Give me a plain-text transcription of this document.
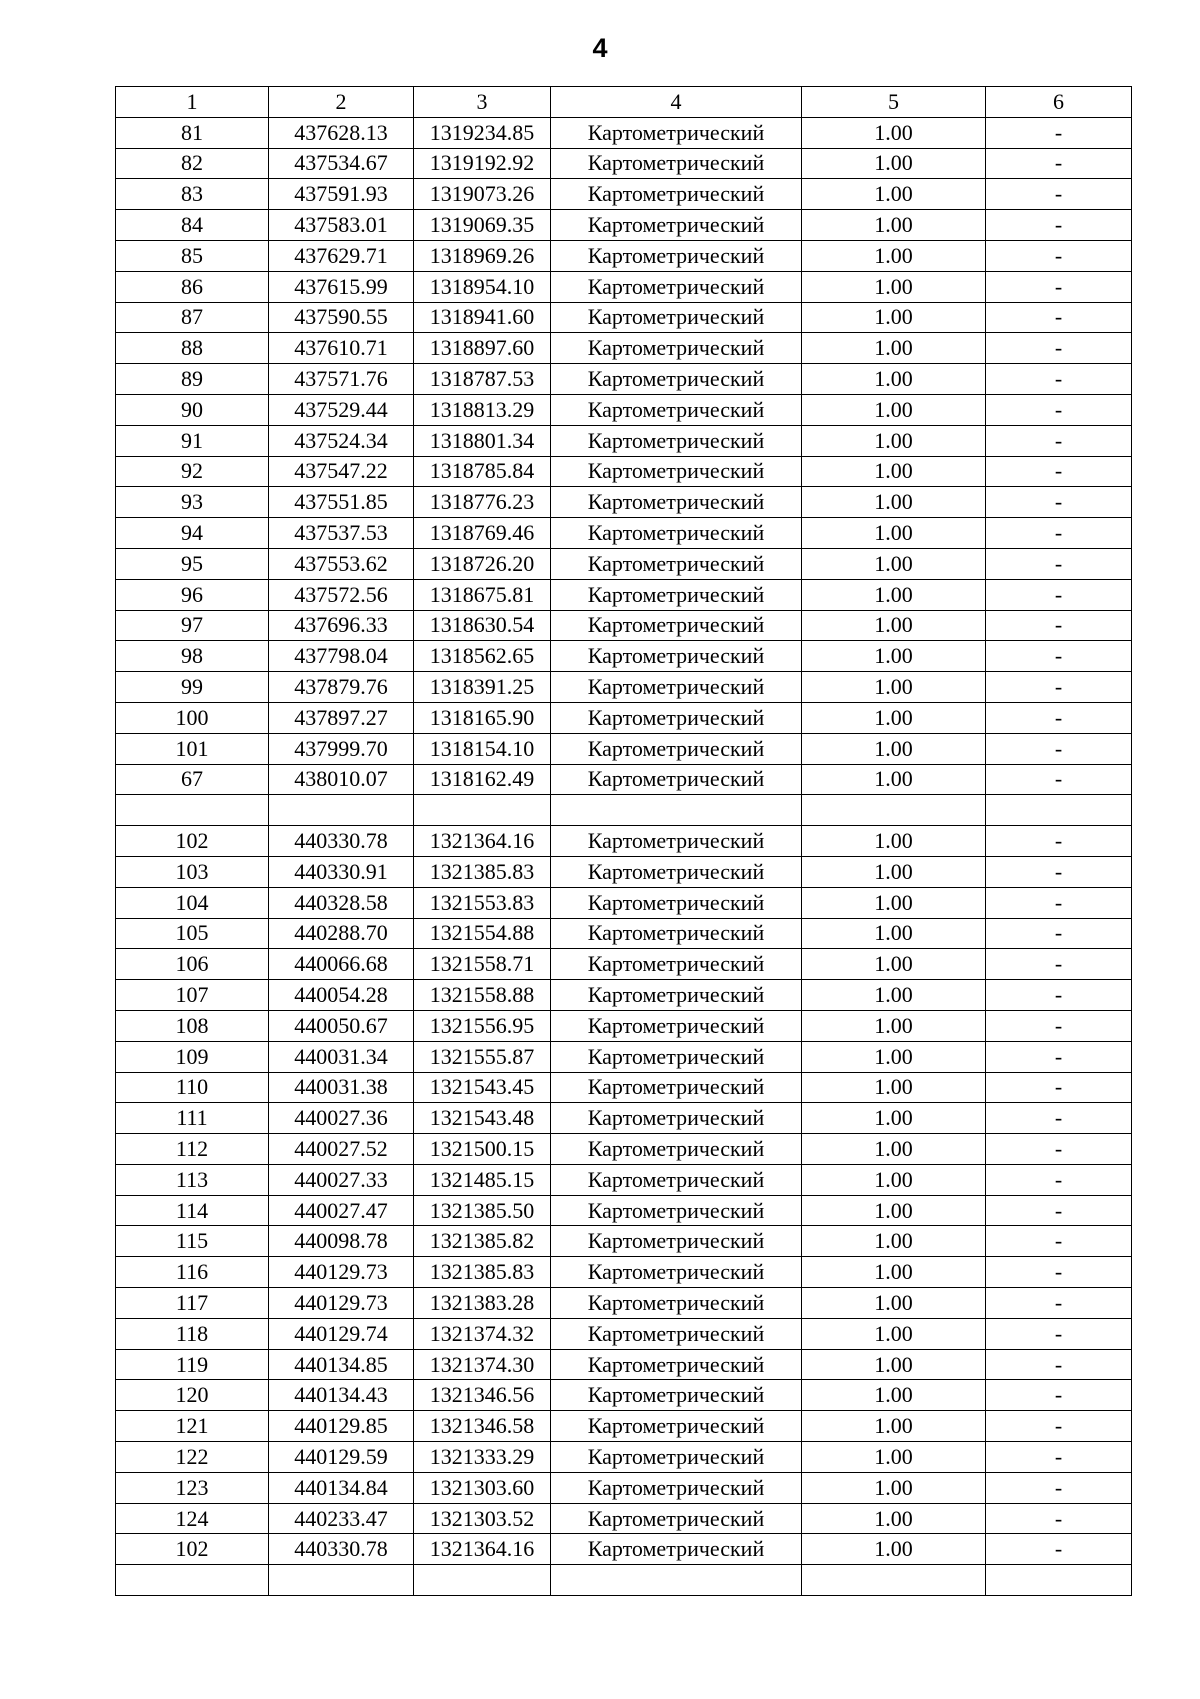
4
1	2	3	4	5	6
81	437628.13	1319234.85	Картометрический	1.00	-
82	437534.67	1319192.92	Картометрический	1.00	-
83	437591.93	1319073.26	Картометрический	1.00	-
84	437583.01	1319069.35	Картометрический	1.00	-
85	437629.71	1318969.26	Картометрический	1.00	-
86	437615.99	1318954.10	Картометрический	1.00	-
87	437590.55	1318941.60	Картометрический	1.00	-
88	437610.71	1318897.60	Картометрический	1.00	-
89	437571.76	1318787.53	Картометрический	1.00	-
90	437529.44	1318813.29	Картометрический	1.00	-
91	437524.34	1318801.34	Картометрический	1.00	-
92	437547.22	1318785.84	Картометрический	1.00	-
93	437551.85	1318776.23	Картометрический	1.00	-
94	437537.53	1318769.46	Картометрический	1.00	-
95	437553.62	1318726.20	Картометрический	1.00	-
96	437572.56	1318675.81	Картометрический	1.00	-
97	437696.33	1318630.54	Картометрический	1.00	-
98	437798.04	1318562.65	Картометрический	1.00	-
99	437879.76	1318391.25	Картометрический	1.00	-
100	437897.27	1318165.90	Картометрический	1.00	-
101	437999.70	1318154.10	Картометрический	1.00	-
67	438010.07	1318162.49	Картометрический	1.00	-

102	440330.78	1321364.16	Картометрический	1.00	-
103	440330.91	1321385.83	Картометрический	1.00	-
104	440328.58	1321553.83	Картометрический	1.00	-
105	440288.70	1321554.88	Картометрический	1.00	-
106	440066.68	1321558.71	Картометрический	1.00	-
107	440054.28	1321558.88	Картометрический	1.00	-
108	440050.67	1321556.95	Картометрический	1.00	-
109	440031.34	1321555.87	Картометрический	1.00	-
110	440031.38	1321543.45	Картометрический	1.00	-
111	440027.36	1321543.48	Картометрический	1.00	-
112	440027.52	1321500.15	Картометрический	1.00	-
113	440027.33	1321485.15	Картометрический	1.00	-
114	440027.47	1321385.50	Картометрический	1.00	-
115	440098.78	1321385.82	Картометрический	1.00	-
116	440129.73	1321385.83	Картометрический	1.00	-
117	440129.73	1321383.28	Картометрический	1.00	-
118	440129.74	1321374.32	Картометрический	1.00	-
119	440134.85	1321374.30	Картометрический	1.00	-
120	440134.43	1321346.56	Картометрический	1.00	-
121	440129.85	1321346.58	Картометрический	1.00	-
122	440129.59	1321333.29	Картометрический	1.00	-
123	440134.84	1321303.60	Картометрический	1.00	-
124	440233.47	1321303.52	Картометрический	1.00	-
102	440330.78	1321364.16	Картометрический	1.00	-
